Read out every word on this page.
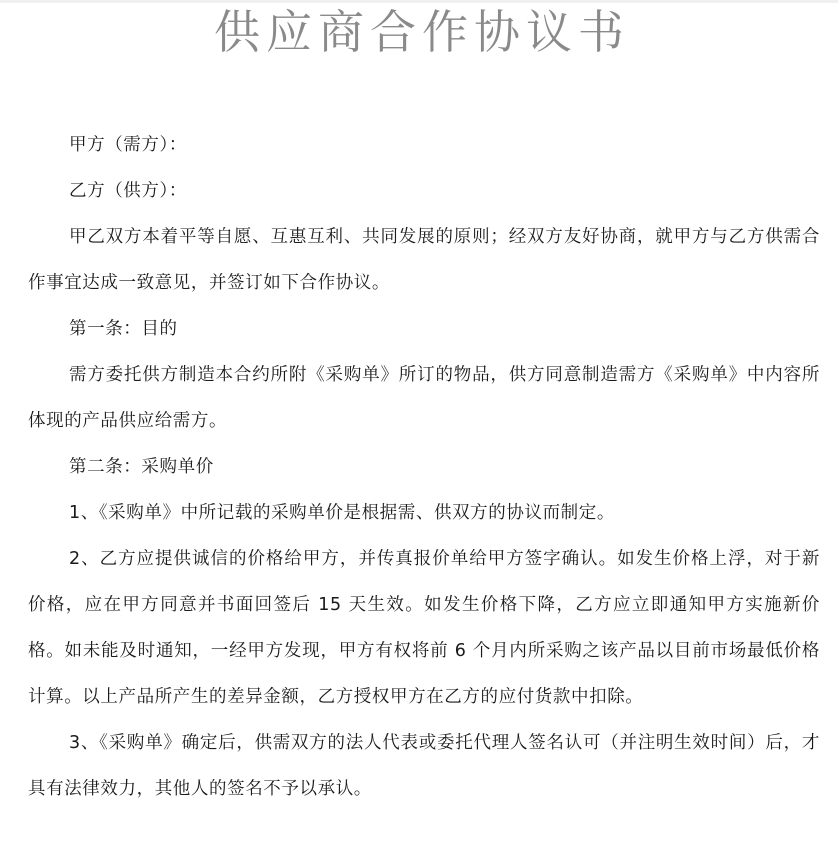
供应商合作协议书

甲方（需方）：

乙方（供方）：

甲乙双方本着平等自愿、互惠互利、共同发展的原则；经双方友好协商，就甲方与乙方供需合作事宜达成一致意见，并签订如下合作协议。

第一条：目的

需方委托供方制造本合约所附《采购单》所订的物品，供方同意制造需方《采购单》中内容所体现的产品供应给需方。

第二条：采购单价

1、《采购单》中所记载的采购单价是根据需、供双方的协议而制定。

2、乙方应提供诚信的价格给甲方，并传真报价单给甲方签字确认。如发生价格上浮，对于新价格，应在甲方同意并书面回签后 15 天生效。如发生价格下降，乙方应立即通知甲方实施新价格。如未能及时通知，一经甲方发现，甲方有权将前 6 个月内所采购之该产品以目前市场最低价格计算。以上产品所产生的差异金额，乙方授权甲方在乙方的应付货款中扣除。

3、《采购单》确定后，供需双方的法人代表或委托代理人签名认可（并注明生效时间）后，才具有法律效力，其他人的签名不予以承认。
